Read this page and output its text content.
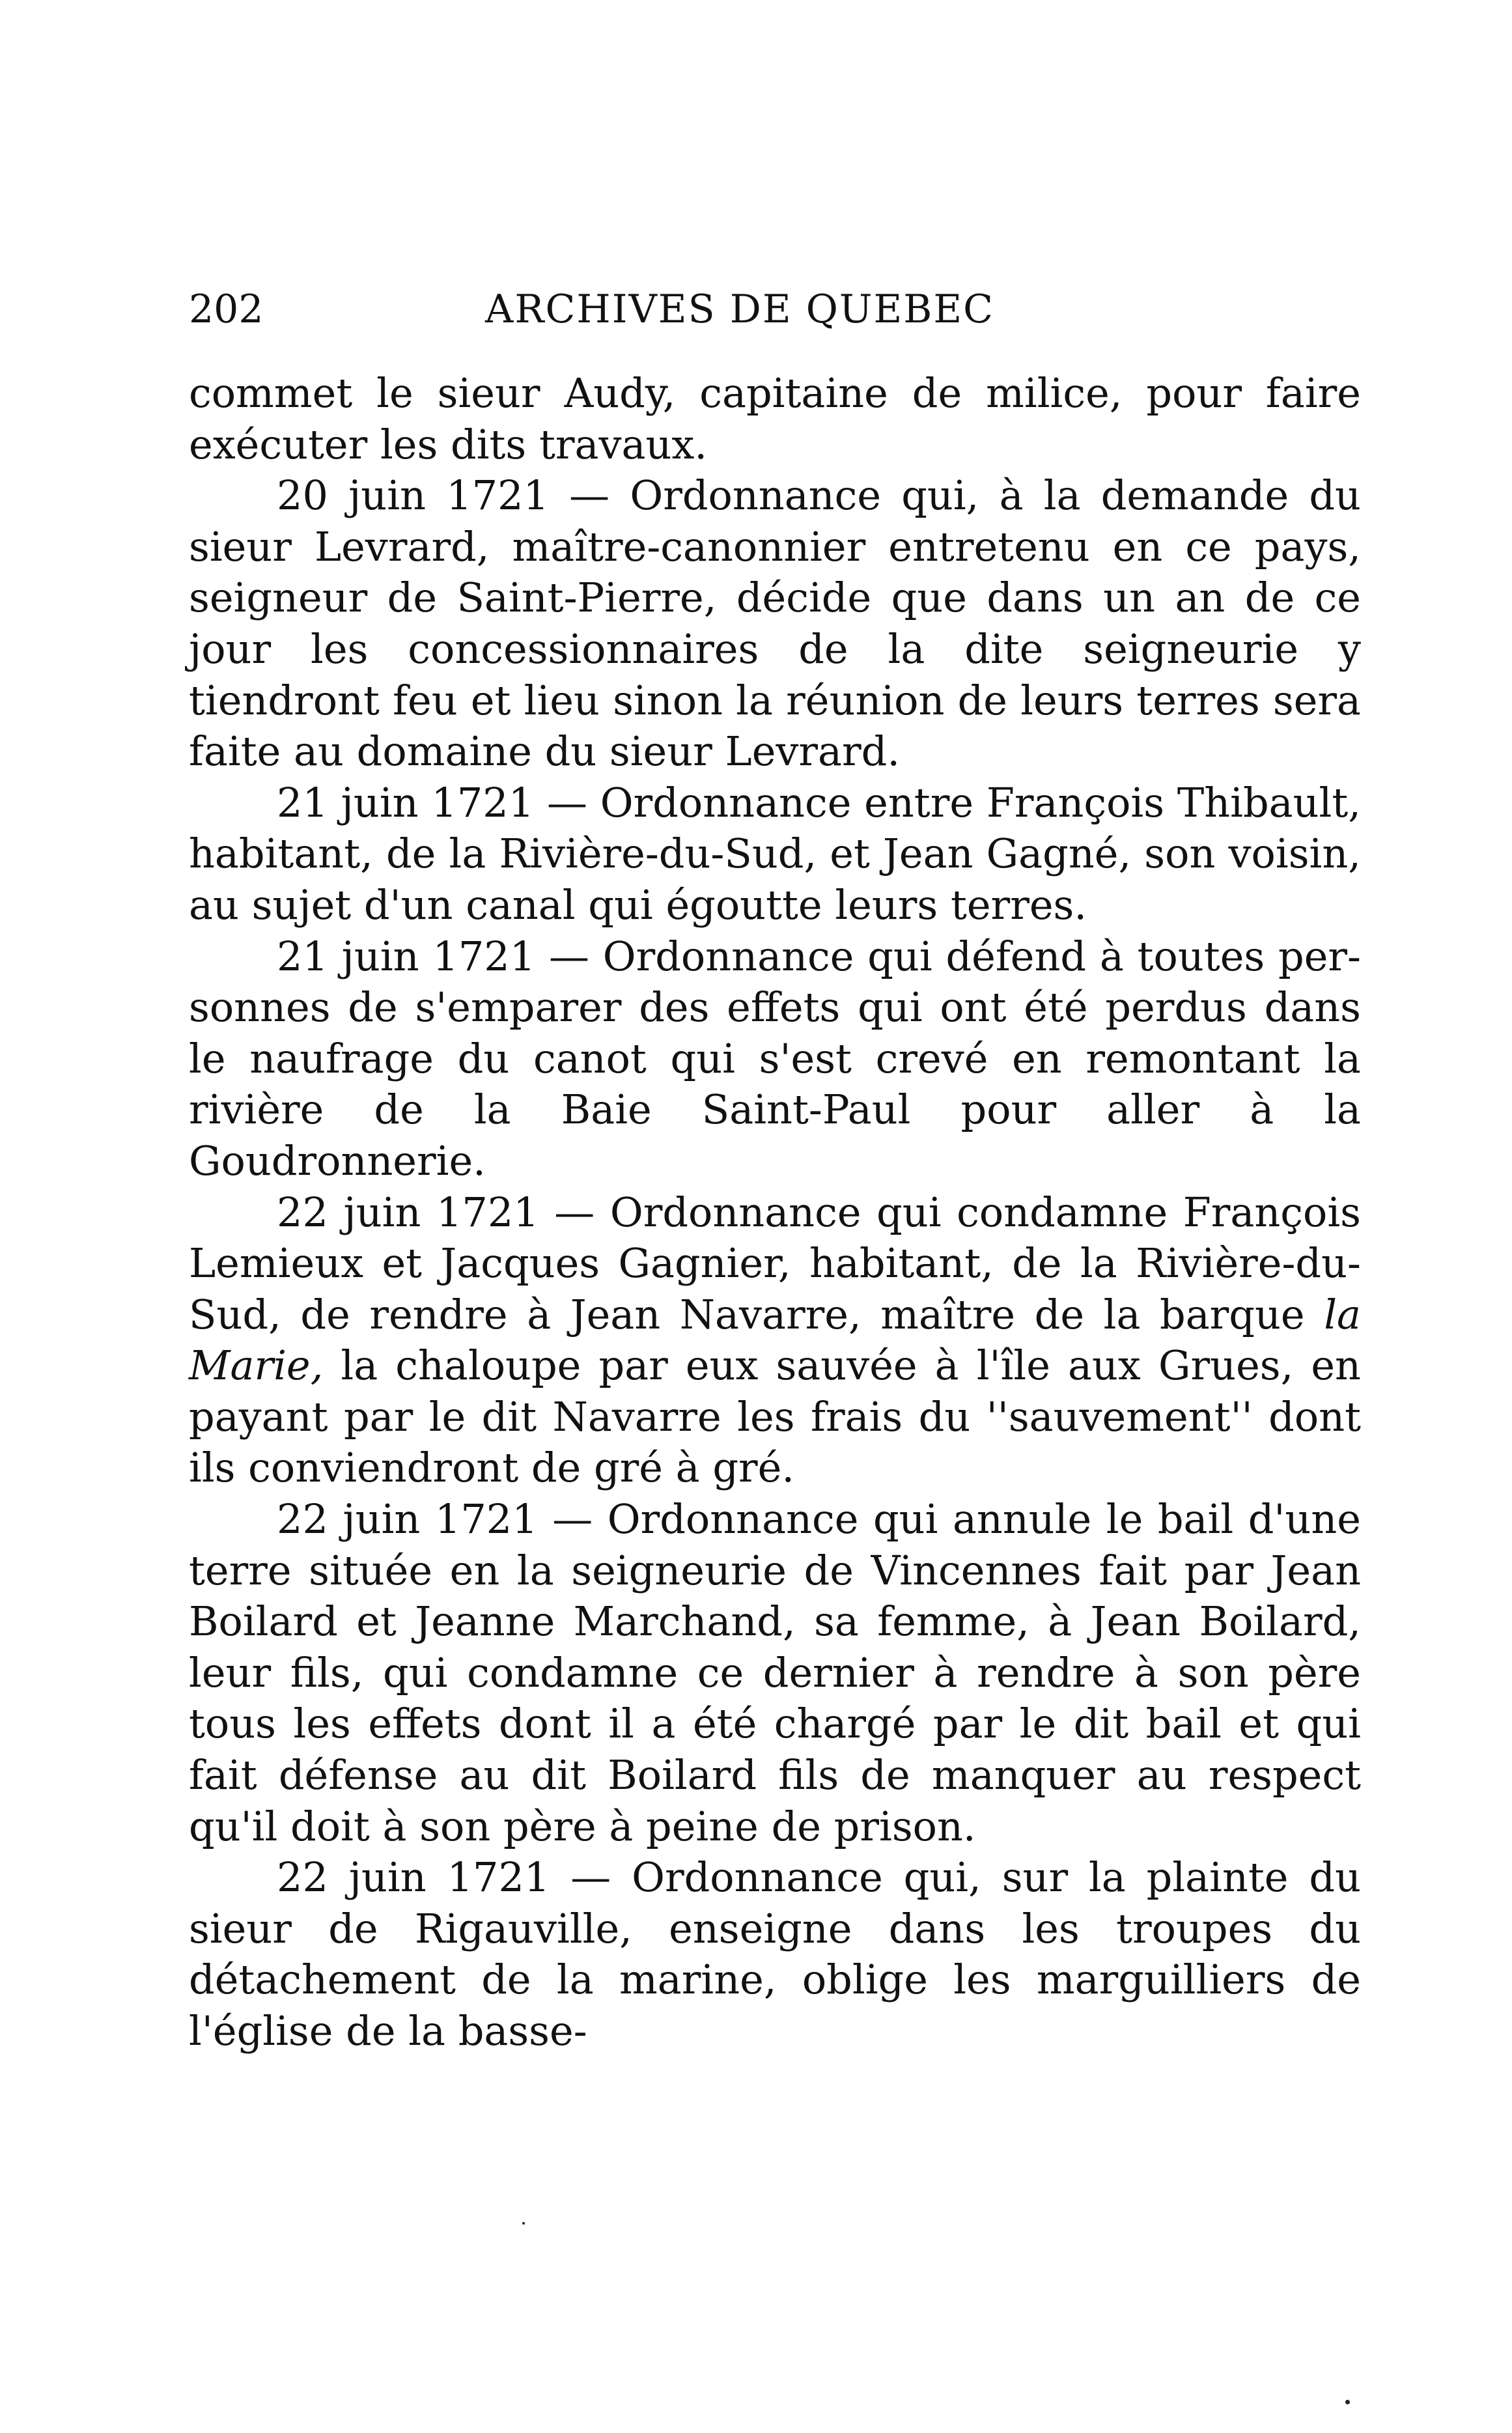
202	ARCHIVES DE QUEBEC

commet le sieur Audy, capitaine de milice, pour faire exécuter les dits travaux.

20 juin 1721 — Ordonnance qui, à la demande du sieur Levrard, maître-canonnier entretenu en ce pays, seigneur de Saint-Pierre, décide que dans un an de ce jour les concessionnaires de la dite seigneurie y tiendront feu et lieu sinon la réunion de leurs terres sera faite au domaine du sieur Levrard.

21 juin 1721 — Ordonnance entre François Thibault, habitant, de la Rivière-du-Sud, et Jean Gagné, son voisin, au sujet d'un canal qui égoutte leurs terres.

21 juin 1721 — Ordonnance qui défend à toutes personnes de s'emparer des effets qui ont été perdus dans le naufrage du canot qui s'est crevé en remontant la rivière de la Baie Saint-Paul pour aller à la Goudronnerie.

22 juin 1721 — Ordonnance qui condamne François Lemieux et Jacques Gagnier, habitant, de la Rivière-du-Sud, de rendre à Jean Navarre, maître de la barque la Marie, la chaloupe par eux sauvée à l'île aux Grues, en payant par le dit Navarre les frais du ''sauvement'' dont ils conviendront de gré à gré.

22 juin 1721 — Ordonnance qui annule le bail d'une terre située en la seigneurie de Vincennes fait par Jean Boilard et Jeanne Marchand, sa femme, à Jean Boilard, leur fils, qui condamne ce dernier à rendre à son père tous les effets dont il a été chargé par le dit bail et qui fait défense au dit Boilard fils de manquer au respect qu'il doit à son père à peine de prison.

22 juin 1721 — Ordonnance qui, sur la plainte du sieur de Rigauville, enseigne dans les troupes du détachement de la marine, oblige les marguilliers de l'église de la basse-
